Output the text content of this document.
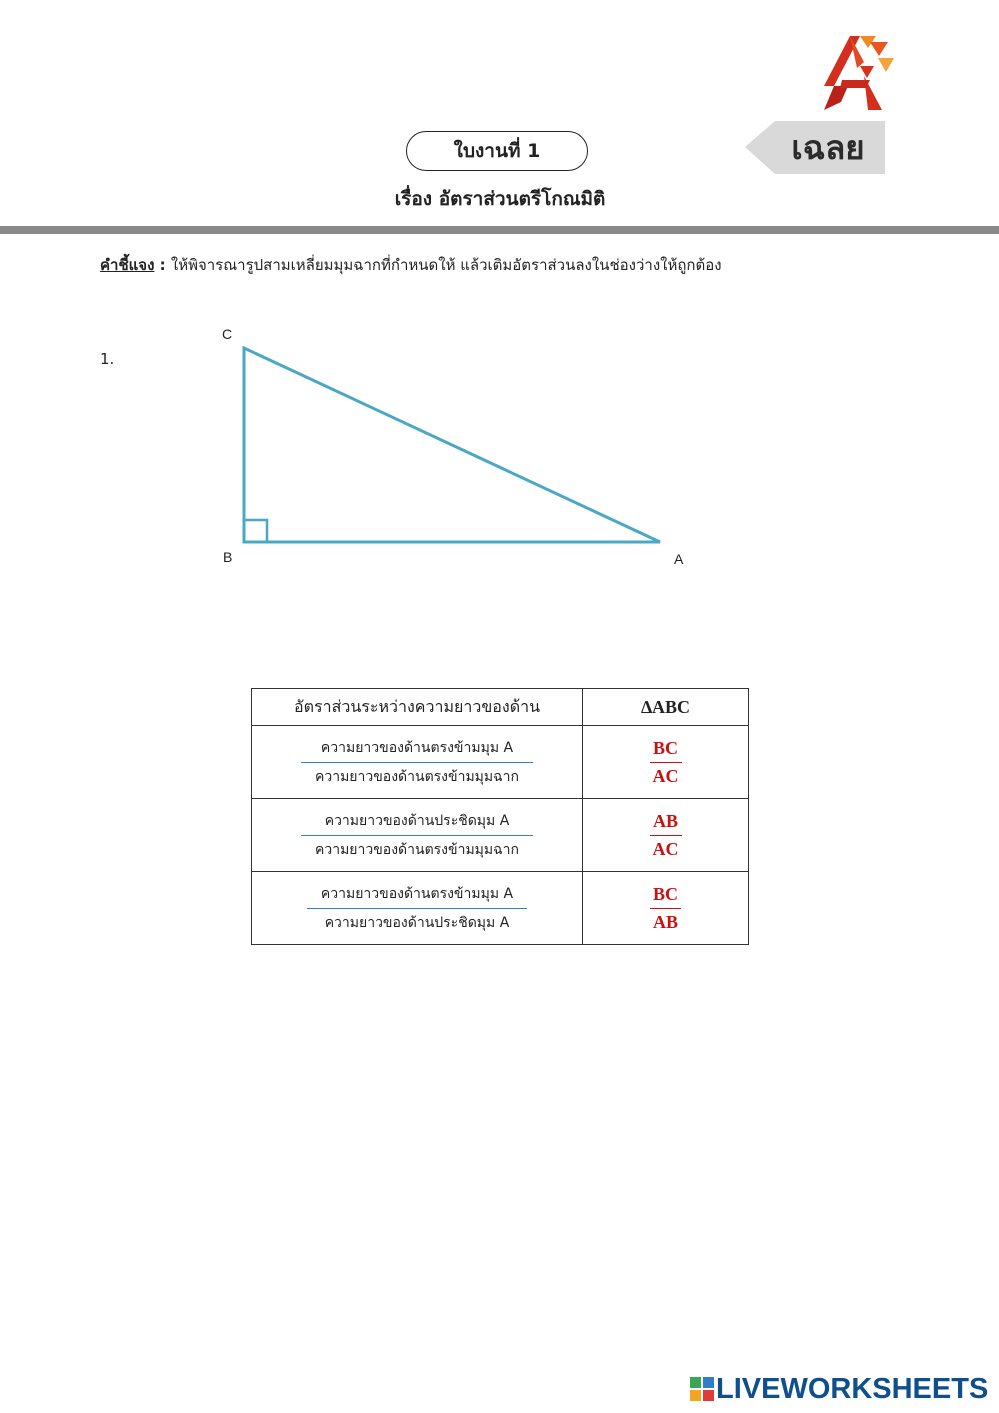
เฉลย
ใบงานที่ 1
เรื่อง อัตราส่วนตรีโกณมิติ
คำชี้แจง : ให้พิจารณารูปสามเหลี่ยมมุมฉากที่กำหนดให้ แล้วเติมอัตราส่วนลงในช่องว่างให้ถูกต้อง
1.
C
B	A
อัตราส่วนระหว่างความยาวของด้าน	∆ABC

$\frac{\text{ความยาวของด้านตรงข้ามมุม A}}{\text{ความยาวของด้านตรงข้ามมุมฉาก}}$	$\frac{BC}{AC}$

$\frac{\text{ความยาวของด้านประชิดมุม A}}{\text{ความยาวของด้านตรงข้ามมุมฉาก}}$	$\frac{AB}{AC}$

$\frac{\text{ความยาวของด้านตรงข้ามมุม A}}{\text{ความยาวของด้านประชิดมุม A}}$	$\frac{BC}{AB}$
LIVEWORKSHEETS
